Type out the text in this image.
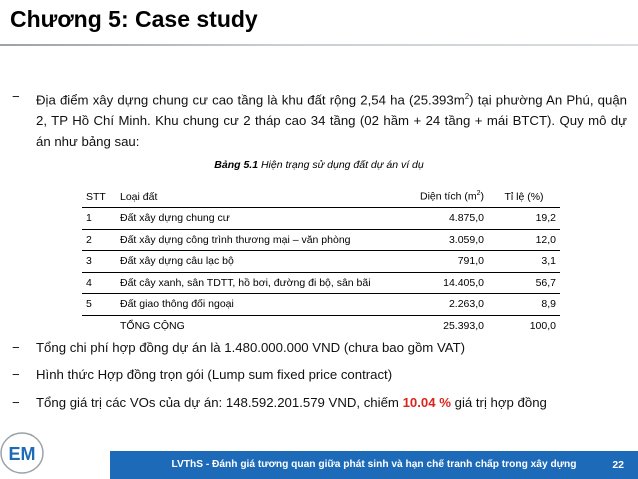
Chương 5: Case study
−	Địa điểm xây dựng chung cư cao tầng là khu đất rộng 2,54 ha $(25.393m^2)$ tại phường An Phú, quận 2, TP Hồ Chí Minh. Khu chung cư 2 tháp cao 34 tầng (02 hầm + 24 tầng + mái BTCT). Quy mô dự án như bảng sau:
Bảng 5.1 Hiện trạng sử dụng đất dự án ví dụ
STT	Loại đất	Diện tích $(m^2)$	Tỉ lệ (%)
1	Đất xây dựng chung cư	4.875,0	19,2
2	Đất xây dựng công trình thương mại – văn phòng	3.059,0	12,0
3	Đất xây dựng câu lạc bộ	791,0	3,1
4	Đất cây xanh, sân TDTT, hồ bơi, đường đi bộ, sân bãi	14.405,0	56,7
5	Đất giao thông đối ngoại	2.263,0	8,9
	TỔNG CỘNG	25.393,0	100,0
−	Tổng chi phí hợp đồng dự án là 1.480.000.000 VND (chưa bao gồm VAT)
−	Hình thức Hợp đồng trọn gói (Lump sum fixed price contract)
−	Tổng giá trị các VOs của dự án: 148.592.201.579 VND, chiếm 10.04 % giá trị hợp đồng
EM
LVThS - Đánh giá tương quan giữa phát sinh và hạn chế tranh chấp trong xây dựng	22
